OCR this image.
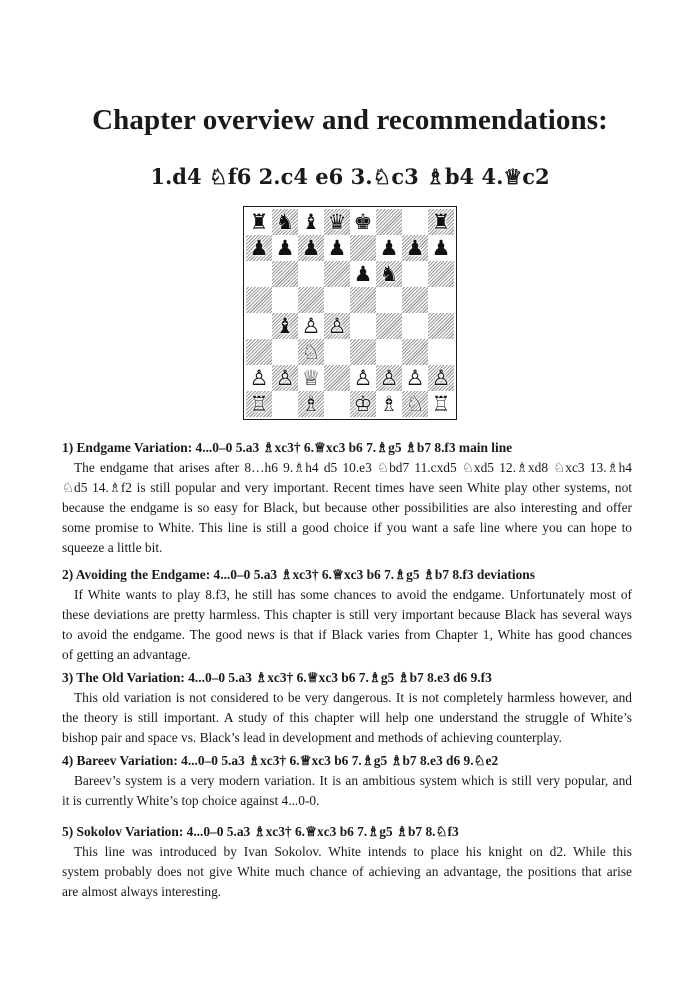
Chapter overview and recommendations:
1.d4 ♘f6 2.c4 e6 3.♘c3 ♗b4 4.♕c2
♜ ♞ ♝ ♛ ♚	♜
♟ ♟ ♟ ♟ ♟ ♟ ♟
♟ ♞
♝ ♙ ♙
♘
♙ ♙ ♕ ♙ ♙ ♙ ♙
♖ ♗ ♔ ♗ ♘ ♖
1) Endgame Variation: 4...0–0 5.a3 ♗xc3† 6.♕xc3 b6 7.♗g5 ♗b7 8.f3 main line

The endgame that arises after 8…h6 9.♗h4 d5 10.e3 ♘bd7 11.cxd5 ♘xd5 12.♗xd8 ♘xc3 13.♗h4
♘d5 14.♗f2 is still popular and very important. Recent times have seen White play other systems, not
because the endgame is so easy for Black, but because other possibilities are also interesting and offer
some promise to White. This line is still a good choice if you want a safe line where you can hope to
squeeze a little bit.

2) Avoiding the Endgame: 4...0–0 5.a3 ♗xc3† 6.♕xc3 b6 7.♗g5 ♗b7 8.f3 deviations

If White wants to play 8.f3, he still has some chances to avoid the endgame. Unfortunately most of
these deviations are pretty harmless. This chapter is still very important because Black has several ways
to avoid the endgame. The good news is that if Black varies from Chapter 1, White has good chances
of getting an advantage.

3) The Old Variation: 4...0–0 5.a3 ♗xc3† 6.♕xc3 b6 7.♗g5 ♗b7 8.e3 d6 9.f3

This old variation is not considered to be very dangerous. It is not completely harmless however, and
the theory is still important. A study of this chapter will help one understand the struggle of White’s
bishop pair and space vs. Black’s lead in development and methods of achieving counterplay.

4) Bareev Variation: 4...0–0 5.a3 ♗xc3† 6.♕xc3 b6 7.♗g5 ♗b7 8.e3 d6 9.♘e2

Bareev’s system is a very modern variation. It is an ambitious system which is still very popular, and
it is currently White’s top choice against 4...0-0.

5) Sokolov Variation: 4...0–0 5.a3 ♗xc3† 6.♕xc3 b6 7.♗g5 ♗b7 8.♘f3

This line was introduced by Ivan Sokolov. White intends to place his knight on d2. While this
system probably does not give White much chance of achieving an advantage, the positions that arise
are almost always interesting.
